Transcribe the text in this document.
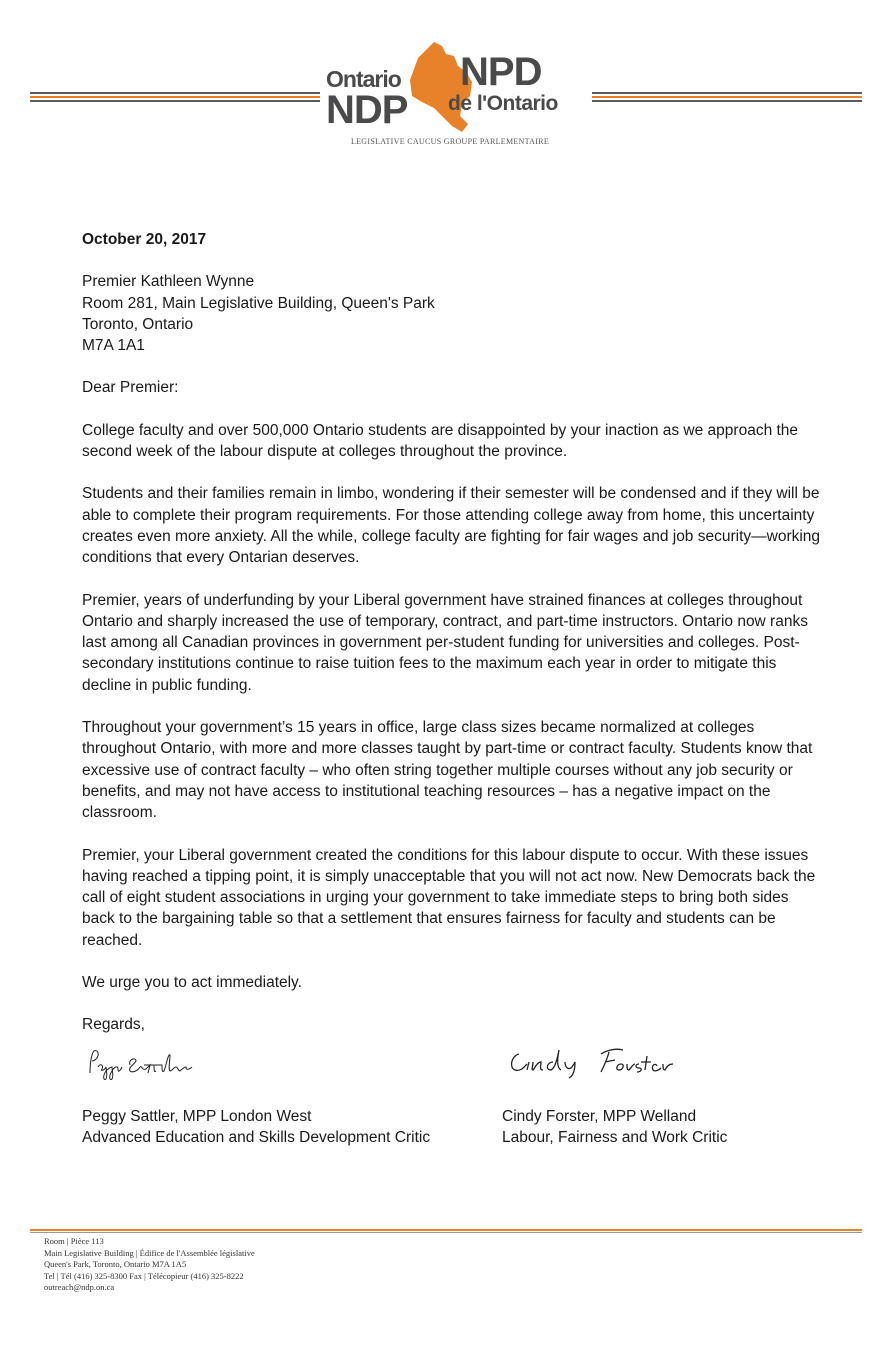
Ontario
NDP
NPD
de l'Ontario
LEGISLATIVE CAUCUS GROUPE PARLEMENTAIRE

October 20, 2017

Premier Kathleen Wynne

Room 281, Main Legislative Building, Queen's Park

Toronto, Ontario

M7A 1A1

Dear Premier:

College faculty and over 500,000 Ontario students are disappointed by your inaction as we approach the second week of the labour dispute at colleges throughout the province.

Students and their families remain in limbo, wondering if their semester will be condensed and if they will be able to complete their program requirements. For those attending college away from home, this uncertainty creates even more anxiety. All the while, college faculty are fighting for fair wages and job security—working conditions that every Ontarian deserves.

Premier, years of underfunding by your Liberal government have strained finances at colleges throughout Ontario and sharply increased the use of temporary, contract, and part-time instructors. Ontario now ranks last among all Canadian provinces in government per-student funding for universities and colleges. Post-secondary institutions continue to raise tuition fees to the maximum each year in order to mitigate this decline in public funding.

Throughout your government’s 15 years in office, large class sizes became normalized at colleges throughout Ontario, with more and more classes taught by part-time or contract faculty. Students know that excessive use of contract faculty – who often string together multiple courses without any job security or benefits, and may not have access to institutional teaching resources – has a negative impact on the classroom.

Premier, your Liberal government created the conditions for this labour dispute to occur. With these issues having reached a tipping point, it is simply unacceptable that you will not act now. New Democrats back the call of eight student associations in urging your government to take immediate steps to bring both sides back to the bargaining table so that a settlement that ensures fairness for faculty and students can be reached.

We urge you to act immediately.

Regards,

Peggy Sattler, MPP London West

Advanced Education and Skills Development Critic

Cindy Forster, MPP Welland

Labour, Fairness and Work Critic

Room | Pièce 113

Main Legislative Building | Édifice de l'Assemblée législative

Queen's Park, Toronto, Ontario M7A 1A5

Tel | Tél (416) 325-8300 Fax | Télécopieur (416) 325-8222

outreach@ndp.on.ca
